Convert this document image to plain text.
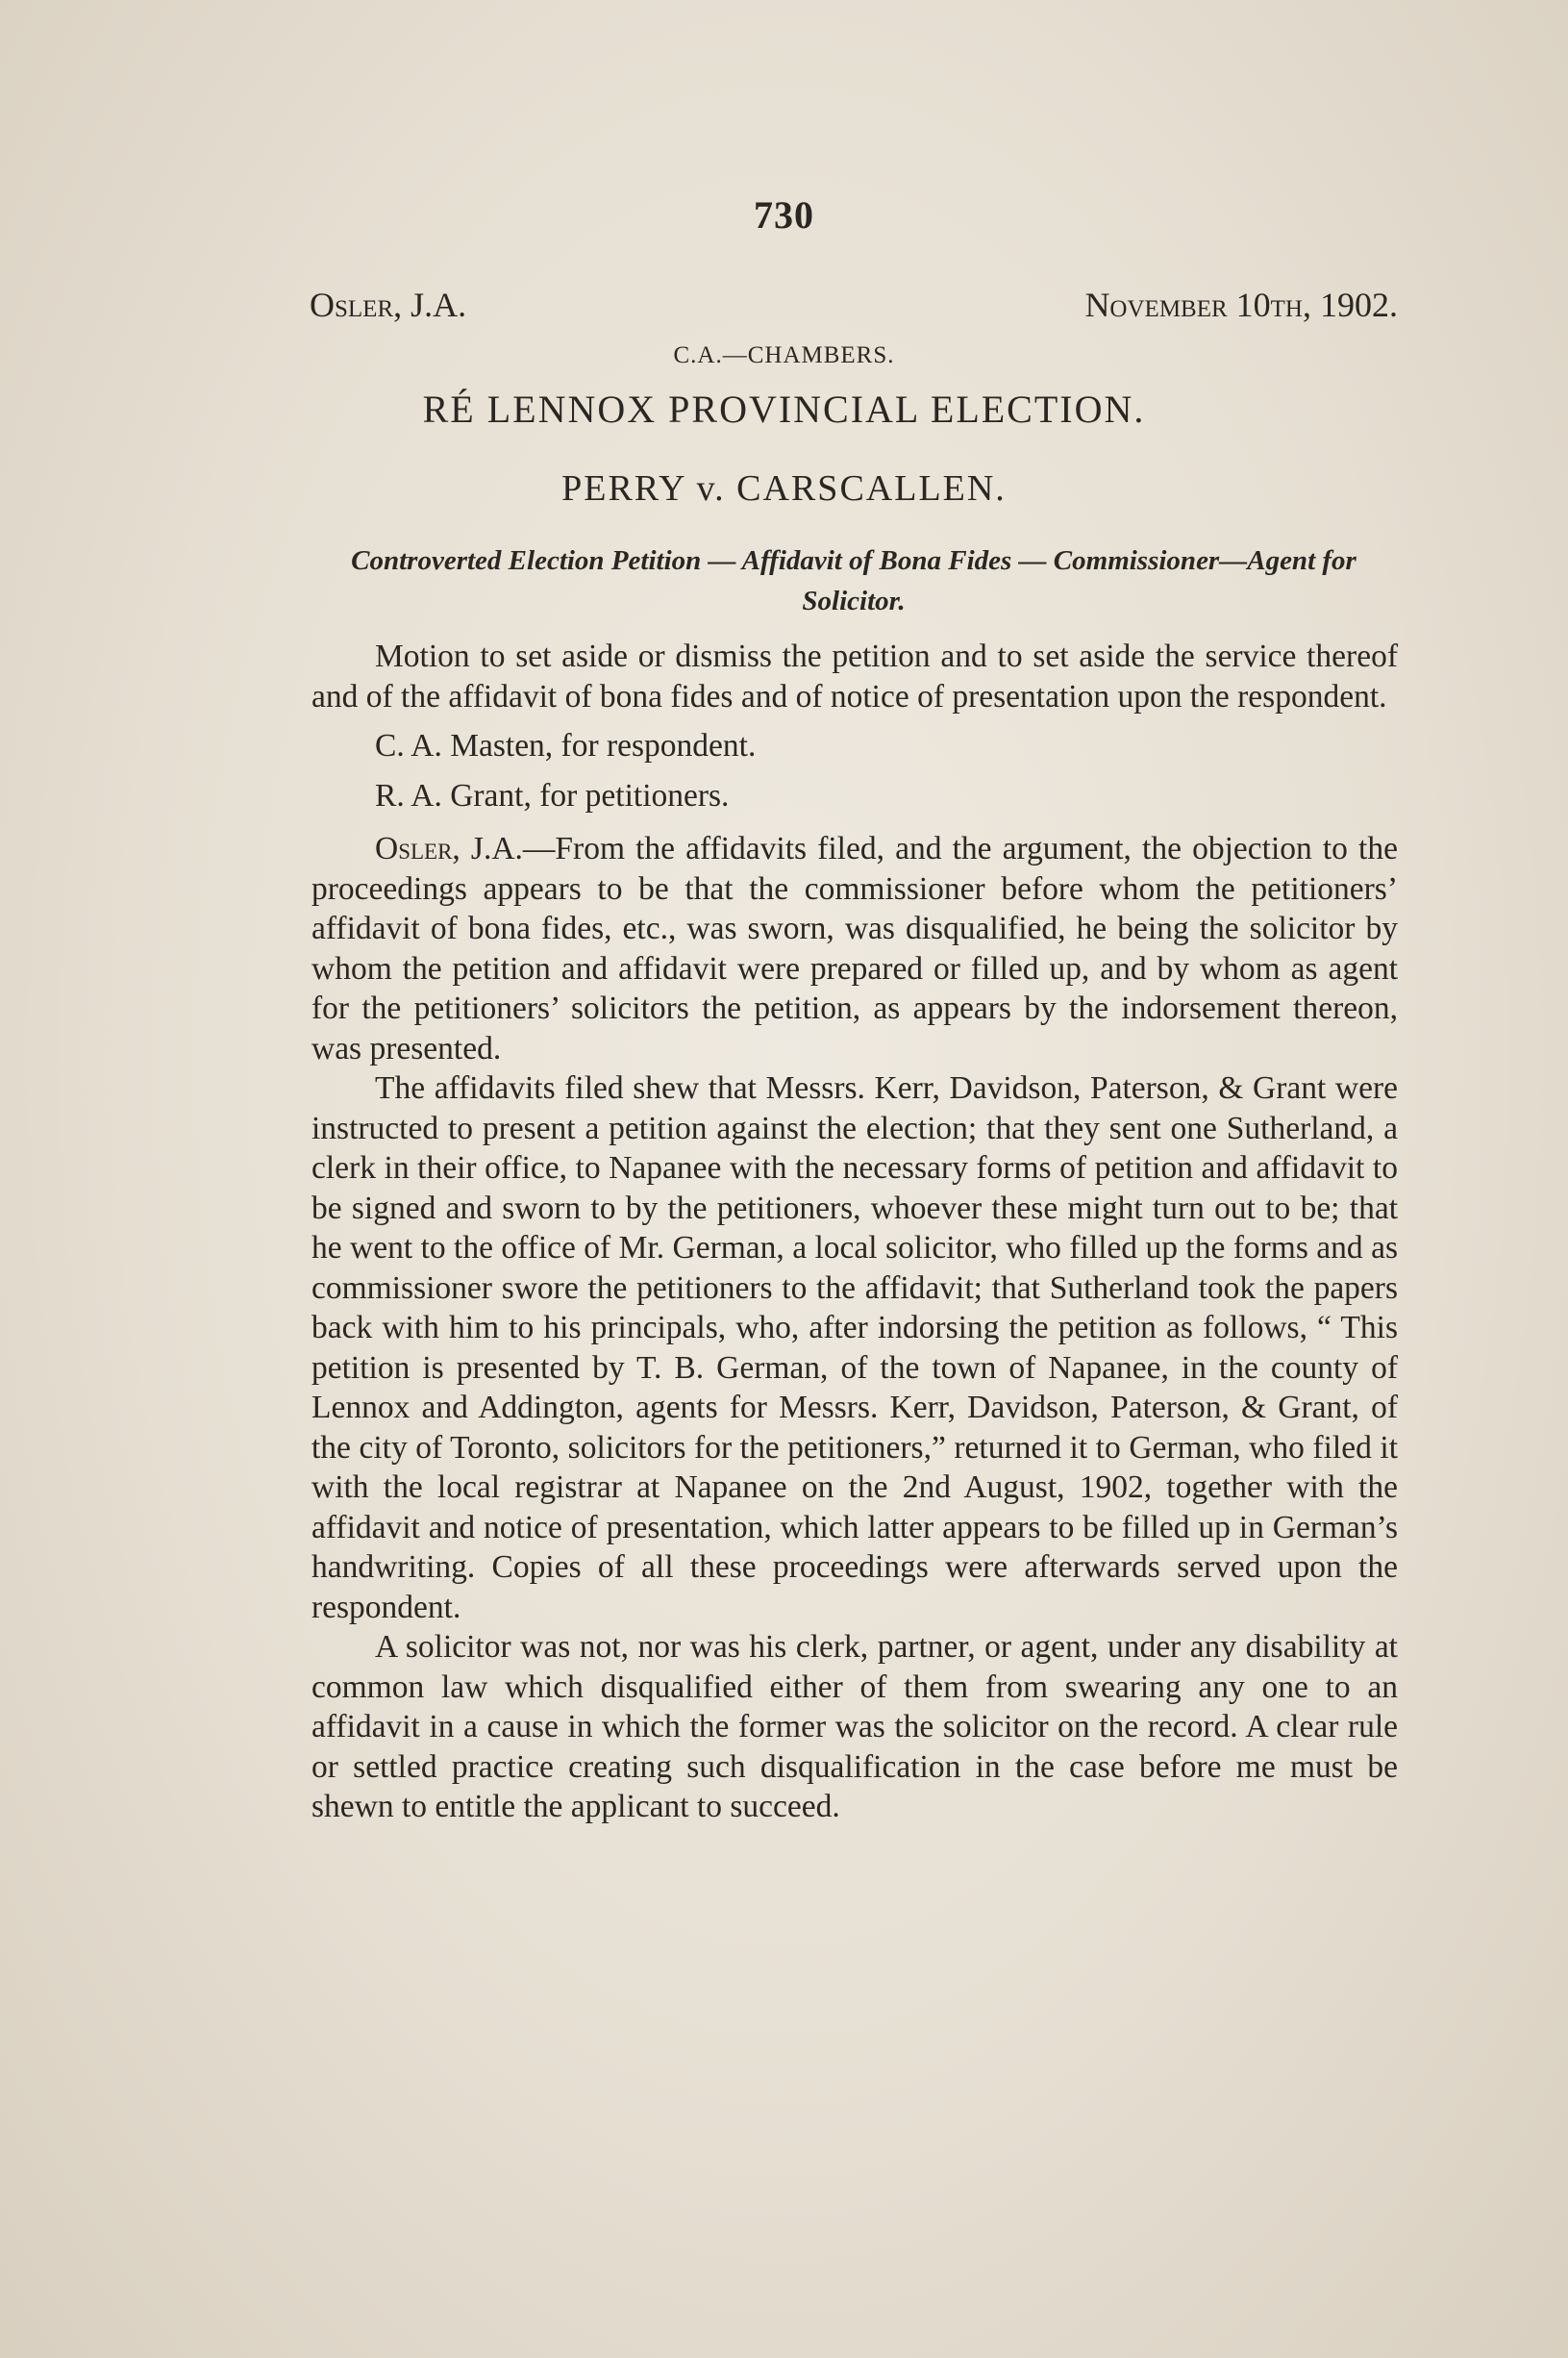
730
Osler, J.A.	November 10th, 1902.
C.A.—CHAMBERS.
RÉ LENNOX PROVINCIAL ELECTION.
PERRY v. CARSCALLEN.
Controverted Election Petition — Affidavit of Bona Fides — Commissioner—Agent for Solicitor.

Motion to set aside or dismiss the petition and to set aside the service thereof and of the affidavit of bona fides and of notice of presentation upon the respondent.

C. A. Masten, for respondent.

R. A. Grant, for petitioners.

Osler, J.A.—From the affidavits filed, and the argument, the objection to the proceedings appears to be that the commissioner before whom the petitioners’ affidavit of bona fides, etc., was sworn, was disqualified, he being the solicitor by whom the petition and affidavit were prepared or filled up, and by whom as agent for the petitioners’ solicitors the petition, as appears by the indorsement thereon, was presented.

The affidavits filed shew that Messrs. Kerr, Davidson, Paterson, & Grant were instructed to present a petition against the election; that they sent one Sutherland, a clerk in their office, to Napanee with the necessary forms of petition and affidavit to be signed and sworn to by the petitioners, whoever these might turn out to be; that he went to the office of Mr. German, a local solicitor, who filled up the forms and as commissioner swore the petitioners to the affidavit; that Sutherland took the papers back with him to his principals, who, after indorsing the petition as follows, “ This petition is presented by T. B. German, of the town of Napanee, in the county of Lennox and Addington, agents for Messrs. Kerr, Davidson, Paterson, & Grant, of the city of Toronto, solicitors for the petitioners,” returned it to German, who filed it with the local registrar at Napanee on the 2nd August, 1902, together with the affidavit and notice of presentation, which latter appears to be filled up in German’s handwriting. Copies of all these proceedings were afterwards served upon the respondent.

A solicitor was not, nor was his clerk, partner, or agent, under any disability at common law which disqualified either of them from swearing any one to an affidavit in a cause in which the former was the solicitor on the record. A clear rule or settled practice creating such disqualification in the case before me must be shewn to entitle the applicant to succeed.
